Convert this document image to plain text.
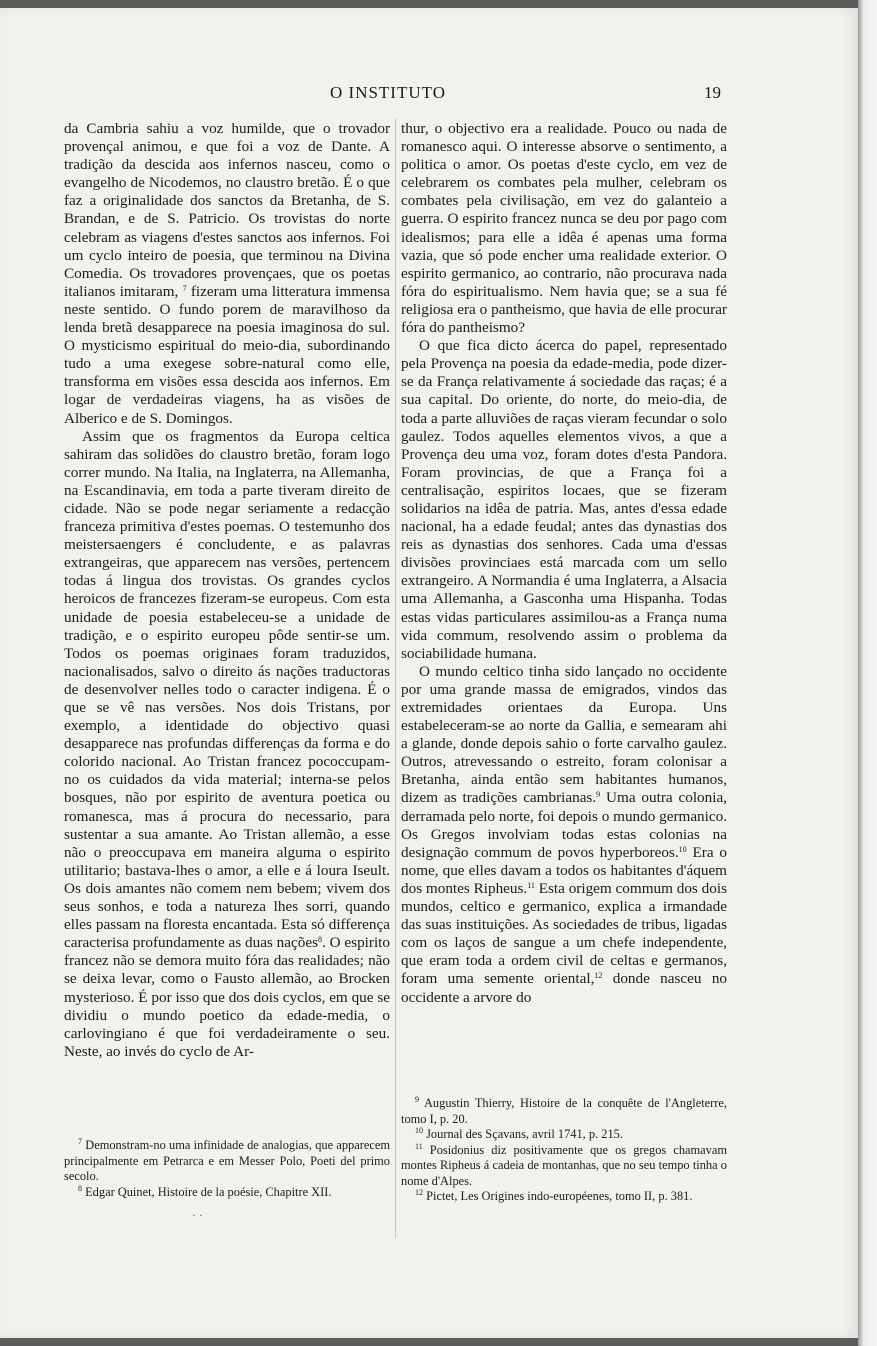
O INSTITUTO	19

da Cambria sahiu a voz humilde, que o trovador provençal animou, e que foi a voz de Dante. A tradição da descida aos infernos nasceu, como o evangelho de Nicodemos, no claustro bretão. É o que faz a originalidade dos sanctos da Bretanha, de S. Brandan, e de S. Patricio. Os trovistas do norte celebram as viagens d'estes sanctos aos infernos. Foi um cyclo inteiro de poesia, que terminou na Divina Comedia. Os trovadores provençaes, que os poetas italianos imitaram, $^7$ fizeram uma litteratura immensa neste sentido. O fundo porem de maravilhoso da lenda bretã desapparece na poesia imaginosa do sul. O mysticismo espiritual do meio-dia, subordinando tudo a uma exegese sobre-natural como elle, transforma em visões essa descida aos infernos. Em logar de verdadeiras viagens, ha as visões de Alberico e de S. Domingos.

Assim que os fragmentos da Europa celtica sahiram das solidões do claustro bretão, foram logo correr mundo. Na Italia, na Inglaterra, na Allemanha, na Escandinavia, em toda a parte tiveram direito de cidade. Não se pode negar seriamente a redacção franceza primitiva d'estes poemas. O testemunho dos meistersaengers é concludente, e as palavras extrangeiras, que apparecem nas versões, pertencem todas á lingua dos trovistas. Os grandes cyclos heroicos de francezes fizeram-se europeus. Com esta unidade de poesia estabeleceu-se a unidade de tradição, e o espirito europeu pôde sentir-se um. Todos os poemas originaes foram traduzidos, nacionalisados, salvo o direito ás nações traductoras de desenvolver nelles todo o caracter indigena. É o que se vê nas versões. Nos dois Tristans, por exemplo, a identidade do objectivo quasi desapparece nas profundas differenças da forma e do colorido nacional. Ao Tristan francez pococcupam-no os cuidados da vida material; interna-se pelos bosques, não por espirito de aventura poetica ou romanesca, mas á procura do necessario, para sustentar a sua amante. Ao Tristan allemão, a esse não o preoccupava em maneira alguma o espirito utilitario; bastava-lhes o amor, a elle e á loura Iseult. Os dois amantes não comem nem bebem; vivem dos seus sonhos, e toda a natureza lhes sorri, quando elles passam na floresta encantada. Esta só differença caracterisa profundamente as duas nações$^8$. O espirito francez não se demora muito fóra das realidades; não se deixa levar, como o Fausto allemão, ao Brocken mysterioso. É por isso que dos dois cyclos, em que se dividiu o mundo poetico da edade-media, o carlovingiano é que foi verdadeiramente o seu. Neste, ao invés do cyclo de Ar-

thur, o objectivo era a realidade. Pouco ou nada de romanesco aqui. O interesse absorve o sentimento, a politica o amor. Os poetas d'este cyclo, em vez de celebrarem os combates pela mulher, celebram os combates pela civilisação, em vez do galanteio a guerra. O espirito francez nunca se deu por pago com idealismos; para elle a idêa é apenas uma forma vazia, que só pode encher uma realidade exterior. O espirito germanico, ao contrario, não procurava nada fóra do espiritualismo. Nem havia que; se a sua fé religiosa era o pantheismo, que havia de elle procurar fóra do pantheismo?

O que fica dicto ácerca do papel, representado pela Provença na poesia da edade-media, pode dizer-se da França relativamente á sociedade das raças; é a sua capital. Do oriente, do norte, do meio-dia, de toda a parte alluviões de raças vieram fecundar o solo gaulez. Todos aquelles elementos vivos, a que a Provença deu uma voz, foram dotes d'esta Pandora. Foram provincias, de que a França foi a centralisação, espiritos locaes, que se fizeram solidarios na idêa de patria. Mas, antes d'essa edade nacional, ha a edade feudal; antes das dynastias dos reis as dynastias dos senhores. Cada uma d'essas divisões provinciaes está marcada com um sello extrangeiro. A Normandia é uma Inglaterra, a Alsacia uma Allemanha, a Gasconha uma Hispanha. Todas estas vidas particulares assimilou-as a França numa vida commum, resolvendo assim o problema da sociabilidade humana.

O mundo celtico tinha sido lançado no occidente por uma grande massa de emigrados, vindos das extremidades orientaes da Europa. Uns estabeleceram-se ao norte da Gallia, e semearam ahi a glande, donde depois sahio o forte carvalho gaulez. Outros, atrevessando o estreito, foram colonisar a Bretanha, ainda então sem habitantes humanos, dizem as tradições cambrianas.$^9$ Uma outra colonia, derramada pelo norte, foi depois o mundo germanico. Os Gregos involviam todas estas colonias na designação commum de povos hyperboreos.$^{10}$ Era o nome, que elles davam a todos os habitantes d'áquem dos montes Ripheus.$^{11}$ Esta origem commum dos dois mundos, celtico e germanico, explica a irmandade das suas instituições. As sociedades de tribus, ligadas com os laços de sangue a um chefe independente, que eram toda a ordem civil de celtas e germanos, foram uma semente oriental,$^{12}$ donde nasceu no occidente a arvore do

$^7$ Demonstram-no uma infinidade de analogias, que apparecem principalmente em Petrarca e em Messer Polo, Poeti del primo secolo.

$^8$ Edgar Quinet, Histoire de la poésie, Chapitre XII.

$^9$ Augustin Thierry, Histoire de la conquête de l'Angleterre, tomo I, p. 20.

$^{10}$ Journal des Sçavans, avril 1741, p. 215.

$^{11}$ Posidonius diz positivamente que os gregos chamavam montes Ripheus á cadeia de montanhas, que no seu tempo tinha o nome d'Alpes.

$^{12}$ Pictet, Les Origines indo-européenes, tomo II, p. 381.

· ·
